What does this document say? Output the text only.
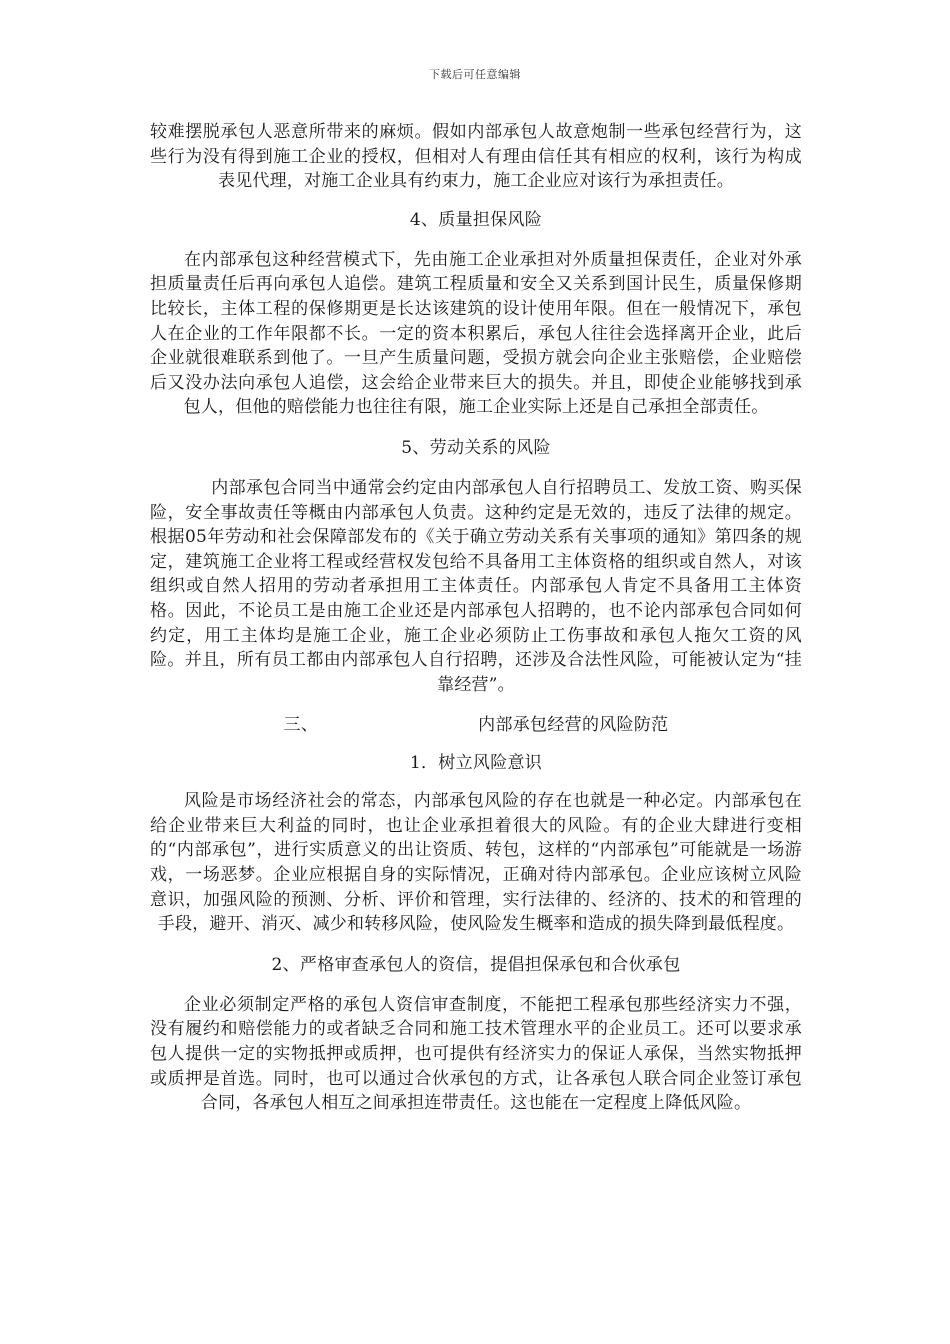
下载后可任意编辑

较难摆脱承包人恶意所带来的麻烦。假如内部承包人故意炮制一些承包经营行为，这些行为没有得到施工企业的授权，但相对人有理由信任其有相应的权利，该行为构成表见代理，对施工企业具有约束力，施工企业应对该行为承担责任。

4、质量担保风险

在内部承包这种经营模式下，先由施工企业承担对外质量担保责任，企业对外承担质量责任后再向承包人追偿。建筑工程质量和安全又关系到国计民生，质量保修期比较长，主体工程的保修期更是长达该建筑的设计使用年限。但在一般情况下，承包人在企业的工作年限都不长。一定的资本积累后，承包人往往会选择离开企业，此后企业就很难联系到他了。一旦产生质量问题，受损方就会向企业主张赔偿，企业赔偿后又没办法向承包人追偿，这会给企业带来巨大的损失。并且，即使企业能够找到承包人，但他的赔偿能力也往往有限，施工企业实际上还是自己承担全部责任。

5、劳动关系的风险

内部承包合同当中通常会约定由内部承包人自行招聘员工、发放工资、购买保险，安全事故责任等概由内部承包人负责。这种约定是无效的，违反了法律的规定。根据05年劳动和社会保障部发布的《关于确立劳动关系有关事项的通知》第四条的规定，建筑施工企业将工程或经营权发包给不具备用工主体资格的组织或自然人，对该组织或自然人招用的劳动者承担用工主体责任。内部承包人肯定不具备用工主体资格。因此，不论员工是由施工企业还是内部承包人招聘的，也不论内部承包合同如何约定，用工主体均是施工企业，施工企业必须防止工伤事故和承包人拖欠工资的风险。并且，所有员工都由内部承包人自行招聘，还涉及合法性风险，可能被认定为“挂靠经营”。

三、	内部承包经营的风险防范
1．树立风险意识

风险是市场经济社会的常态，内部承包风险的存在也就是一种必定。内部承包在给企业带来巨大利益的同时，也让企业承担着很大的风险。有的企业大肆进行变相的“内部承包”，进行实质意义的出让资质、转包，这样的“内部承包”可能就是一场游戏，一场恶梦。企业应根据自身的实际情况，正确对待内部承包。企业应该树立风险意识，加强风险的预测、分析、评价和管理，实行法律的、经济的、技术的和管理的手段，避开、消灭、减少和转移风险，使风险发生概率和造成的损失降到最低程度。

2、严格审查承包人的资信，提倡担保承包和合伙承包

企业必须制定严格的承包人资信审查制度，不能把工程承包那些经济实力不强，没有履约和赔偿能力的或者缺乏合同和施工技术管理水平的企业员工。还可以要求承包人提供一定的实物抵押或质押，也可提供有经济实力的保证人承保，当然实物抵押或质押是首选。同时，也可以通过合伙承包的方式，让各承包人联合同企业签订承包合同，各承包人相互之间承担连带责任。这也能在一定程度上降低风险。
